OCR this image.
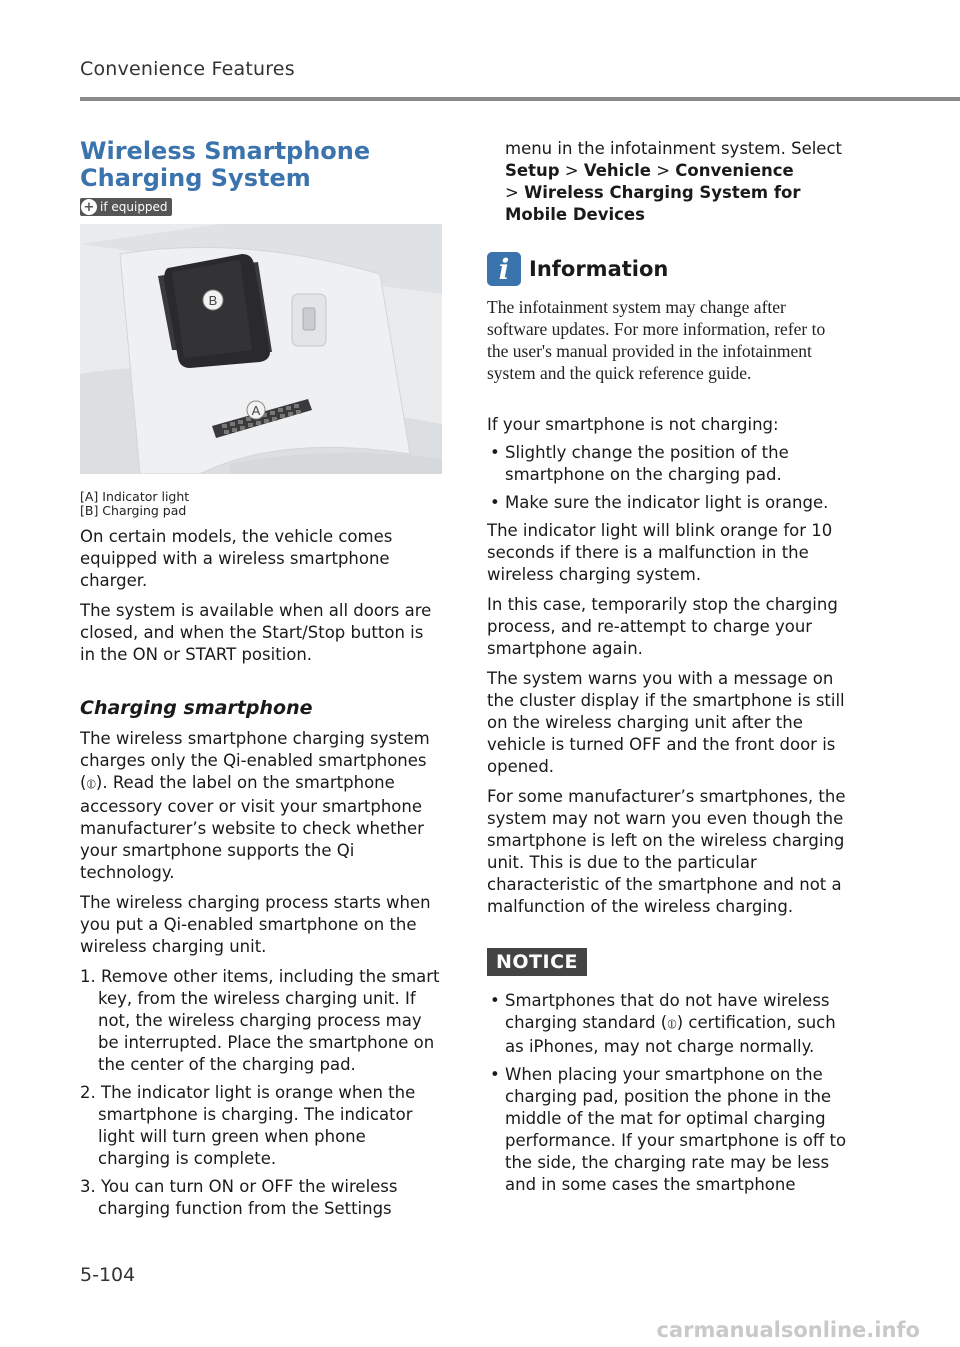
Convenience Features
Wireless Smartphone Charging System
+ if equipped
B
A
[A] Indicator light
[B] Charging pad

On certain models, the vehicle comes equipped with a wireless smartphone charger.

The system is available when all doors are closed, and when the Start/Stop button is in the ON or START position.

Charging smartphone

The wireless smartphone charging system charges only the Qi-enabled smartphones (⦶). Read the label on the smartphone accessory cover or visit your smartphone manufacturer’s website to check whether your smartphone supports the Qi technology.

The wireless charging process starts when you put a Qi-enabled smartphone on the wireless charging unit.

1. Remove other items, including the smart key, from the wireless charging unit. If not, the wireless charging process may be interrupted. Place the smartphone on the center of the charging pad.
2. The indicator light is orange when the smartphone is charging. The indicator light will turn green when phone charging is complete.
3. You can turn ON or OFF the wireless charging function from the Settings
menu in the infotainment system. Select Setup > Vehicle > Convenience
> Wireless Charging System for Mobile Devices
i Information
The infotainment system may change after software updates. For more information, refer to the user's manual provided in the infotainment system and the quick reference guide.

If your smartphone is not charging:

• Slightly change the position of the smartphone on the charging pad.
• Make sure the indicator light is orange.

The indicator light will blink orange for 10 seconds if there is a malfunction in the wireless charging system.

In this case, temporarily stop the charging process, and re-attempt to charge your smartphone again.

The system warns you with a message on the cluster display if the smartphone is still on the wireless charging unit after the vehicle is turned OFF and the front door is opened.

For some manufacturer’s smartphones, the system may not warn you even though the smartphone is left on the wireless charging unit. This is due to the particular characteristic of the smartphone and not a malfunction of the wireless charging.

NOTICE
• Smartphones that do not have wireless charging standard (⦶) certification, such as iPhones, may not charge normally.
• When placing your smartphone on the charging pad, position the phone in the middle of the mat for optimal charging performance. If your smartphone is off to the side, the charging rate may be less and in some cases the smartphone
5-104
carmanualsonline.info
